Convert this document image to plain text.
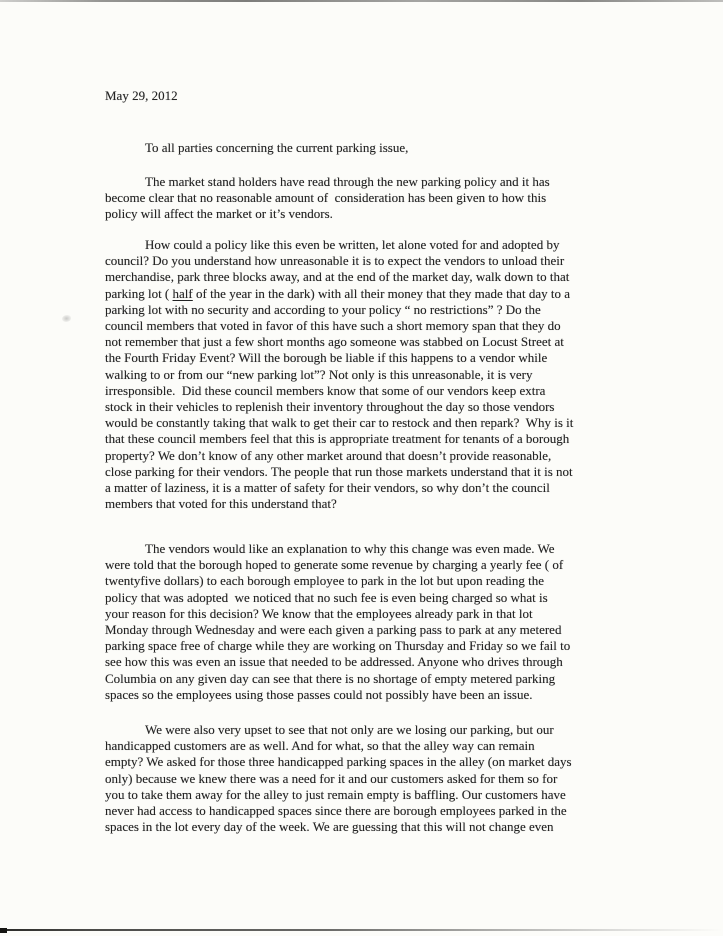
May 29, 2012
To all parties concerning the current parking issue,
The market stand holders have read through the new parking policy and it has
become clear that no reasonable amount of  consideration has been given to how this
policy will affect the market or it’s vendors.
How could a policy like this even be written, let alone voted for and adopted by
council? Do you understand how unreasonable it is to expect the vendors to unload their
merchandise, park three blocks away, and at the end of the market day, walk down to that
parking lot ( half of the year in the dark) with all their money that they made that day to a
parking lot with no security and according to your policy “ no restrictions” ? Do the
council members that voted in favor of this have such a short memory span that they do
not remember that just a few short months ago someone was stabbed on Locust Street at
the Fourth Friday Event? Will the borough be liable if this happens to a vendor while
walking to or from our “new parking lot”? Not only is this unreasonable, it is very
irresponsible.  Did these council members know that some of our vendors keep extra
stock in their vehicles to replenish their inventory throughout the day so those vendors
would be constantly taking that walk to get their car to restock and then repark?  Why is it
that these council members feel that this is appropriate treatment for tenants of a borough
property? We don’t know of any other market around that doesn’t provide reasonable,
close parking for their vendors. The people that run those markets understand that it is not
a matter of laziness, it is a matter of safety for their vendors, so why don’t the council
members that voted for this understand that?
The vendors would like an explanation to why this change was even made. We
were told that the borough hoped to generate some revenue by charging a yearly fee ( of
twentyfive dollars) to each borough employee to park in the lot but upon reading the
policy that was adopted  we noticed that no such fee is even being charged so what is
your reason for this decision? We know that the employees already park in that lot
Monday through Wednesday and were each given a parking pass to park at any metered
parking space free of charge while they are working on Thursday and Friday so we fail to
see how this was even an issue that needed to be addressed. Anyone who drives through
Columbia on any given day can see that there is no shortage of empty metered parking
spaces so the employees using those passes could not possibly have been an issue.
We were also very upset to see that not only are we losing our parking, but our
handicapped customers are as well. And for what, so that the alley way can remain
empty? We asked for those three handicapped parking spaces in the alley (on market days
only) because we knew there was a need for it and our customers asked for them so for
you to take them away for the alley to just remain empty is baffling. Our customers have
never had access to handicapped spaces since there are borough employees parked in the
spaces in the lot every day of the week. We are guessing that this will not change even
